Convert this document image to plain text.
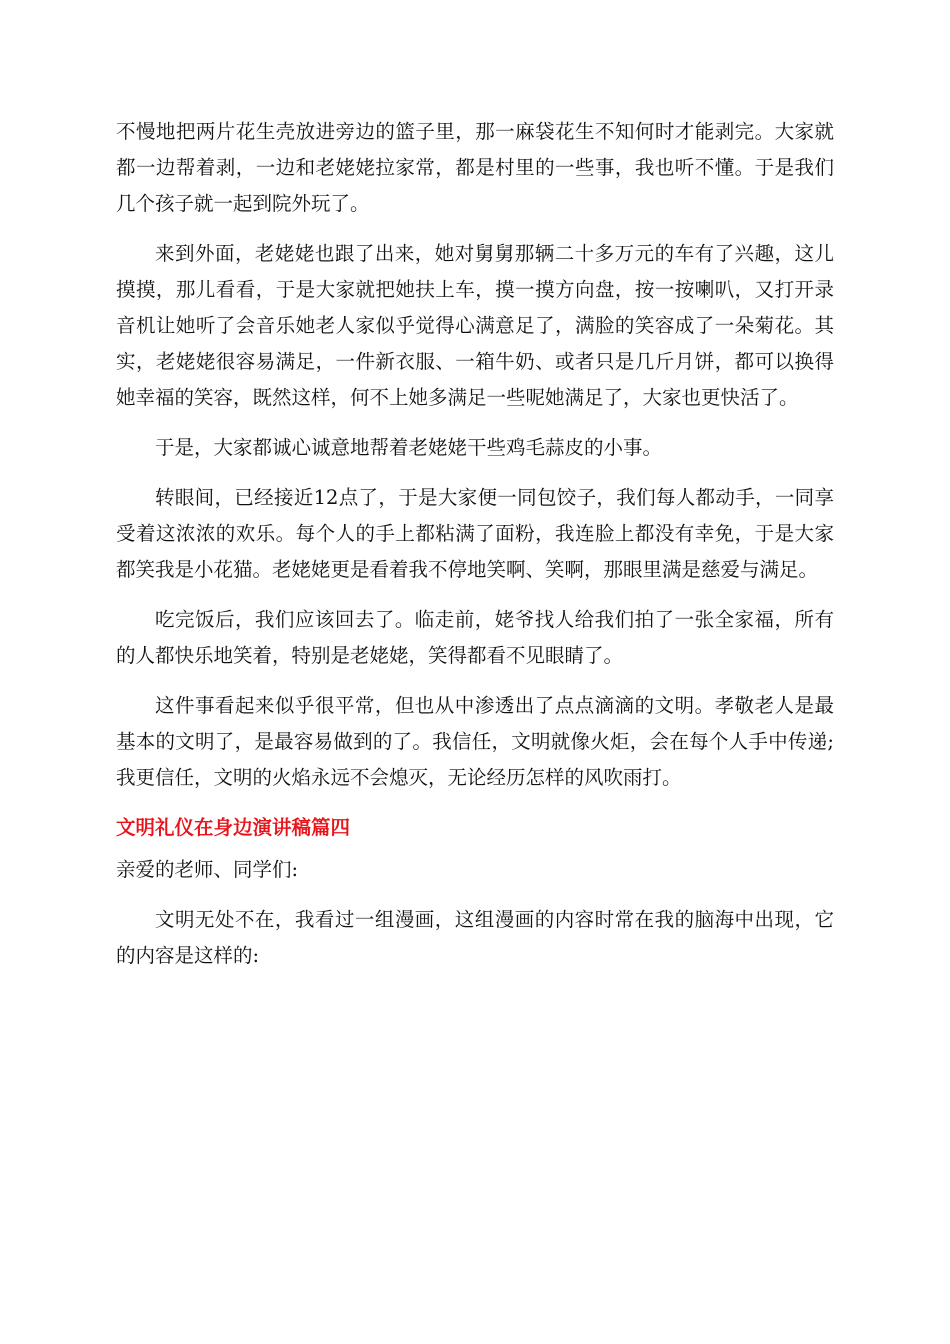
不慢地把两片花生壳放进旁边的篮子里，那一麻袋花生不知何时才能剥完。大家就都一边帮着剥，一边和老姥姥拉家常，都是村里的一些事，我也听不懂。于是我们几个孩子就一起到院外玩了。

来到外面，老姥姥也跟了出来，她对舅舅那辆二十多万元的车有了兴趣，这儿摸摸，那儿看看，于是大家就把她扶上车，摸一摸方向盘，按一按喇叭，又打开录音机让她听了会音乐她老人家似乎觉得心满意足了，满脸的笑容成了一朵菊花。其实，老姥姥很容易满足，一件新衣服、一箱牛奶、或者只是几斤月饼，都可以换得她幸福的笑容，既然这样，何不上她多满足一些呢她满足了，大家也更快活了。

于是，大家都诚心诚意地帮着老姥姥干些鸡毛蒜皮的小事。

转眼间，已经接近12点了，于是大家便一同包饺子，我们每人都动手，一同享受着这浓浓的欢乐。每个人的手上都粘满了面粉，我连脸上都没有幸免，于是大家都笑我是小花猫。老姥姥更是看着我不停地笑啊、笑啊，那眼里满是慈爱与满足。

吃完饭后，我们应该回去了。临走前，姥爷找人给我们拍了一张全家福，所有的人都快乐地笑着，特别是老姥姥，笑得都看不见眼睛了。

这件事看起来似乎很平常，但也从中渗透出了点点滴滴的文明。孝敬老人是最基本的文明了，是最容易做到的了。我信任，文明就像火炬，会在每个人手中传递;我更信任，文明的火焰永远不会熄灭，无论经历怎样的风吹雨打。

文明礼仪在身边演讲稿篇四

亲爱的老师、同学们:

文明无处不在，我看过一组漫画，这组漫画的内容时常在我的脑海中出现，它的内容是这样的:
